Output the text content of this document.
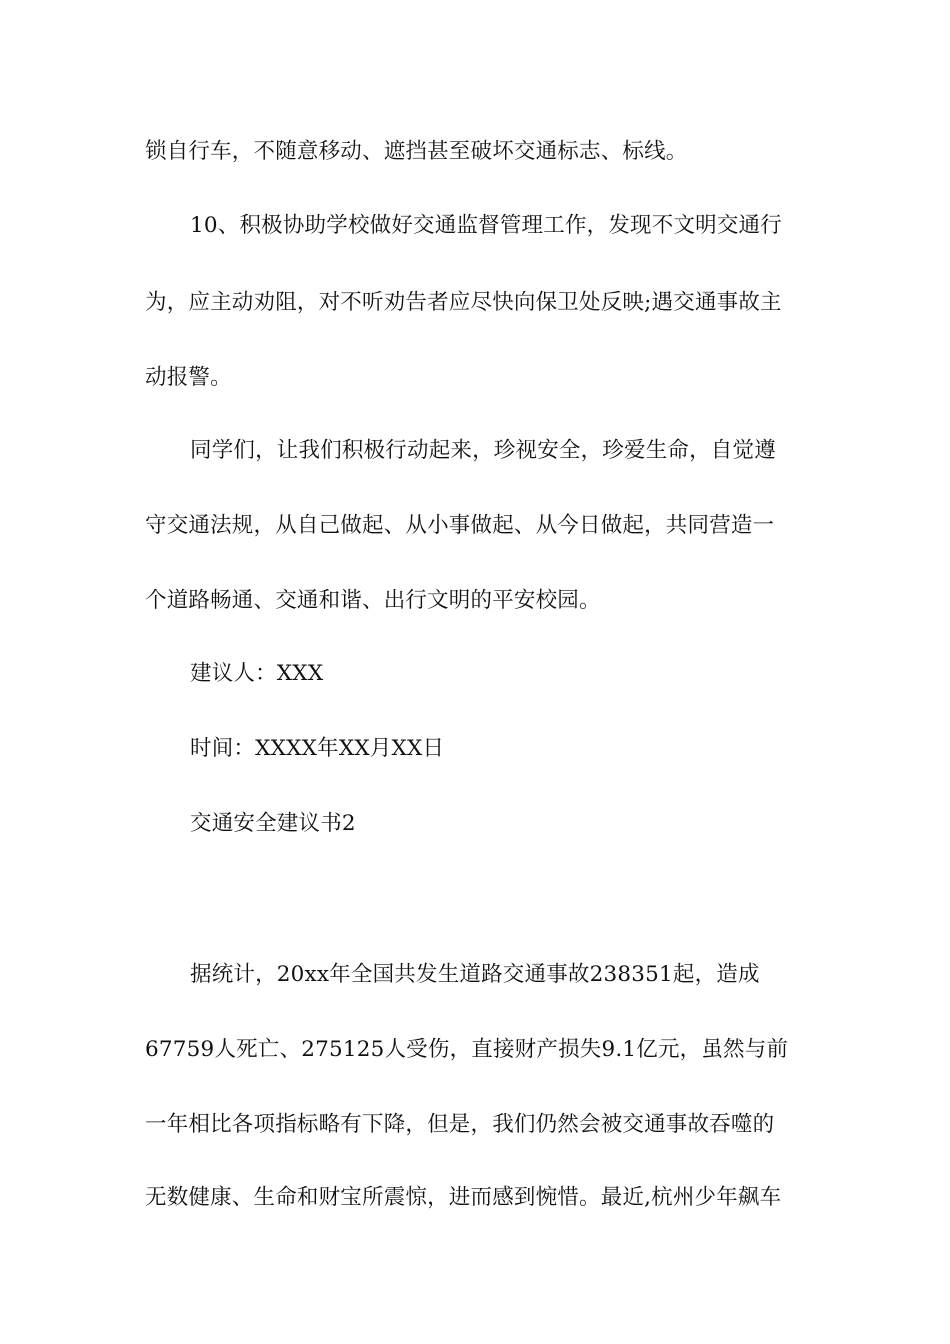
锁自行车，不随意移动、遮挡甚至破坏交通标志、标线。
10、积极协助学校做好交通监督管理工作，发现不文明交通行
为，应主动劝阻，对不听劝告者应尽快向保卫处反映;遇交通事故主
动报警。
同学们，让我们积极行动起来，珍视安全，珍爱生命，自觉遵
守交通法规，从自己做起、从小事做起、从今日做起，共同营造一
个道路畅通、交通和谐、出行文明的平安校园。
建议人：XXX
时间：XXXX年XX月XX日
交通安全建议书2
据统计，20xx年全国共发生道路交通事故238351起，造成
67759人死亡、275125人受伤，直接财产损失9.1亿元，虽然与前
一年相比各项指标略有下降，但是，我们仍然会被交通事故吞噬的
无数健康、生命和财宝所震惊，进而感到惋惜。最近,杭州少年飙车
